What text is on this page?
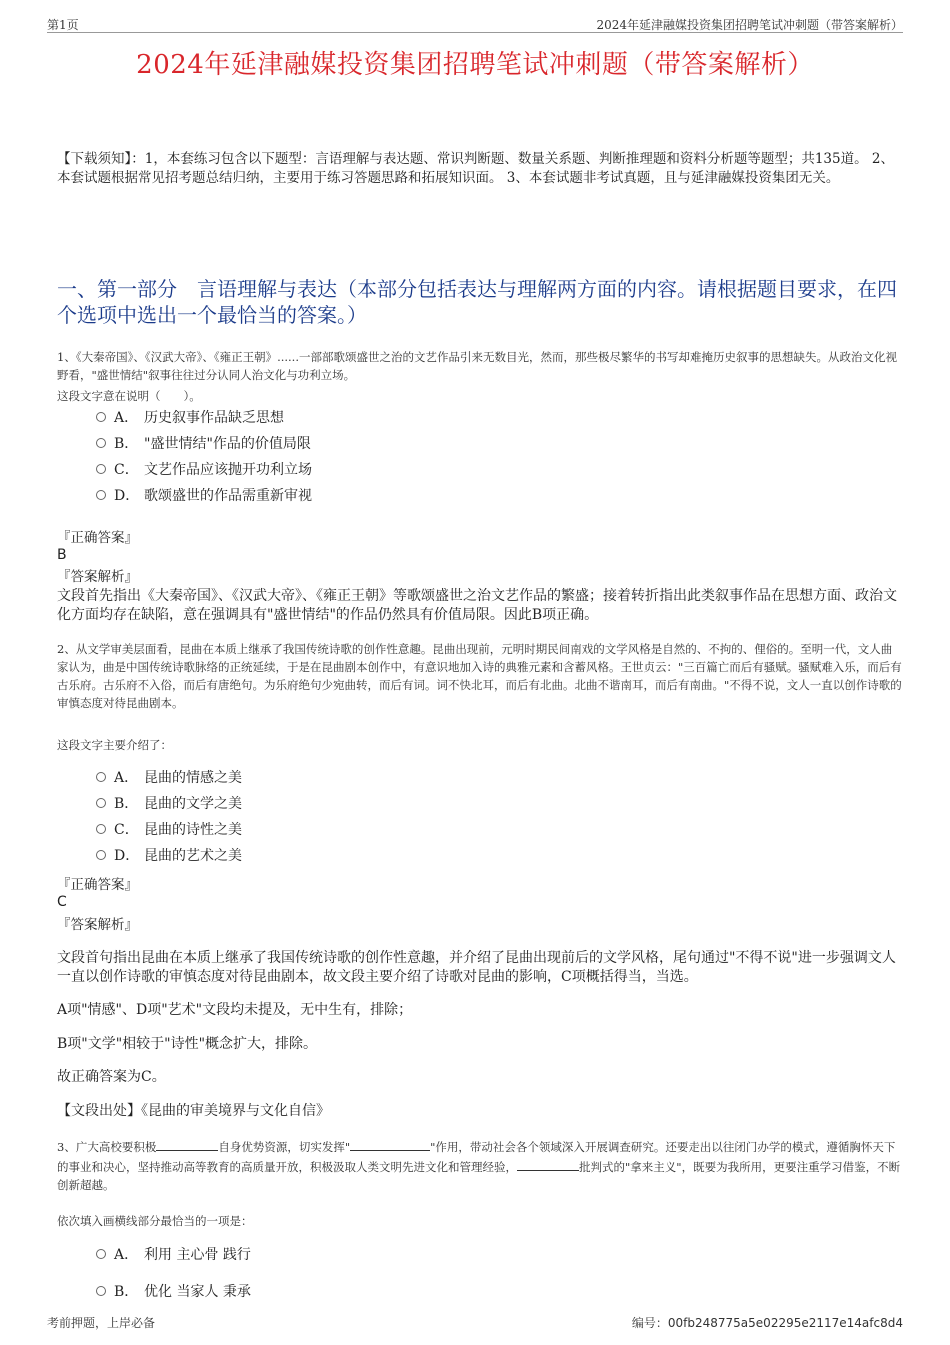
第1页	2024年延津融媒投资集团招聘笔试冲刺题（带答案解析）
2024年延津融媒投资集团招聘笔试冲刺题（带答案解析）
【下载须知】：1，本套练习包含以下题型：言语理解与表达题、常识判断题、数量关系题、判断推理题和资料分析题等题型；共135道。 2、本套试题根据常见招考题总结归纳，主要用于练习答题思路和拓展知识面。 3、本套试题非考试真题，且与延津融媒投资集团无关。
一、第一部分　言语理解与表达（本部分包括表达与理解两方面的内容。请根据题目要求，在四个选项中选出一个最恰当的答案。）
1、《大秦帝国》、《汉武大帝》、《雍正王朝》......一部部歌颂盛世之治的文艺作品引来无数目光，然而，那些极尽繁华的书写却难掩历史叙事的思想缺失。从政治文化视野看，"盛世情结"叙事往往过分认同人治文化与功利立场。
这段文字意在说明（　　）。
A． 历史叙事作品缺乏思想
B． "盛世情结"作品的价值局限
C． 文艺作品应该抛开功利立场
D． 歌颂盛世的作品需重新审视
『正确答案』
B
『答案解析』
文段首先指出《大秦帝国》、《汉武大帝》、《雍正王朝》等歌颂盛世之治文艺作品的繁盛；接着转折指出此类叙事作品在思想方面、政治文化方面均存在缺陷，意在强调具有"盛世情结"的作品仍然具有价值局限。因此B项正确。
2、从文学审美层面看，昆曲在本质上继承了我国传统诗歌的创作性意趣。昆曲出现前，元明时期民间南戏的文学风格是自然的、不拘的、俚俗的。至明一代，文人曲家认为，曲是中国传统诗歌脉络的正统延续，于是在昆曲剧本创作中，有意识地加入诗的典雅元素和含蓄风格。王世贞云："三百篇亡而后有骚赋。骚赋难入乐，而后有古乐府。古乐府不入俗，而后有唐绝句。为乐府绝句少宛曲转，而后有词。词不快北耳，而后有北曲。北曲不谐南耳，而后有南曲。"不得不说，文人一直以创作诗歌的审慎态度对待昆曲剧本。
这段文字主要介绍了：
A． 昆曲的情感之美
B． 昆曲的文学之美
C． 昆曲的诗性之美
D． 昆曲的艺术之美
『正确答案』
C
『答案解析』
文段首句指出昆曲在本质上继承了我国传统诗歌的创作性意趣，并介绍了昆曲出现前后的文学风格，尾句通过"不得不说"进一步强调文人一直以创作诗歌的审慎态度对待昆曲剧本，故文段主要介绍了诗歌对昆曲的影响，C项概括得当，当选。
A项"情感"、D项"艺术"文段均未提及，无中生有，排除；
B项"文学"相较于"诗性"概念扩大，排除。
故正确答案为C。
【文段出处】《昆曲的审美境界与文化自信》
3、广大高校要积极	自身优势资源，切实发挥"	"作用，带动社会各个领域深入开展调查研究。还要走出以往闭门办学的模式，遵循胸怀天下的事业和决心，坚持推动高等教育的高质量开放，积极汲取人类文明先进文化和管理经验，	批判式的"拿来主义"，既要为我所用，更要注重学习借鉴，不断创新超越。
依次填入画横线部分最恰当的一项是：
A． 利用 主心骨 践行
B． 优化 当家人 秉承
考前押题，上岸必备	编号：00fb248775a5e02295e2117e14afc8d4
